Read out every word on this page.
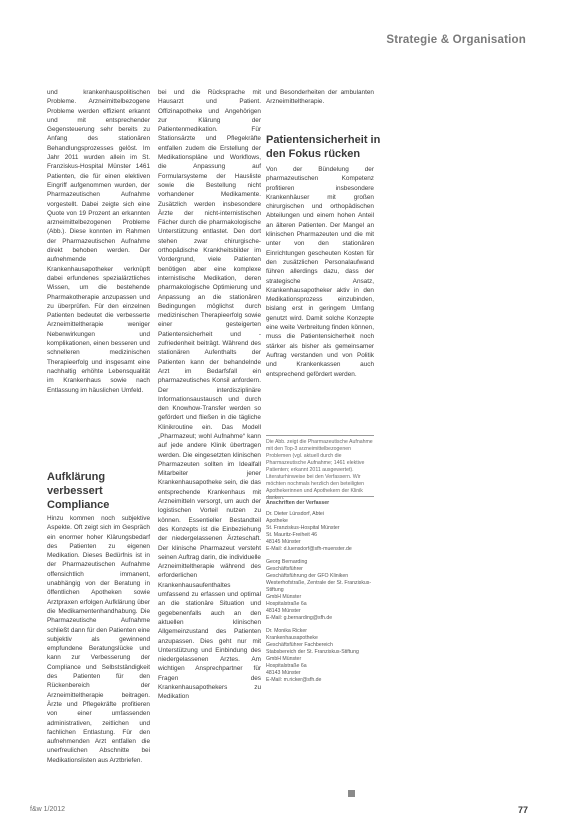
Strategie & Organisation

und krankenhauspolitischen Probleme. Arzneimittelbezogene Probleme werden effizient erkannt und mit entsprechender Gegensteuerung sehr bereits zu Anfang des stationären Behandlungsprozesses gelöst. Im Jahr 2011 wurden allein im St. Franziskus-Hospital Münster 1461 Patienten, die für einen elektiven Eingriff aufgenommen wurden, der Pharmazeutischen Aufnahme vorgestellt. Dabei zeigte sich eine Quote von 19 Prozent an erkannten arzneimittelbezogenen Probleme (Abb.). Diese konnten im Rahmen der Pharmazeutischen Aufnahme direkt behoben werden. Der aufnehmende Krankenhausapotheker verknüpft dabei erfundenes spezialärztliches Wissen, um die bestehende Pharmakotherapie anzupassen und zu überprüfen. Für den einzelnen Patienten bedeutet die verbesserte Arzneimitteltherapie weniger Nebenwirkungen und komplikationen, einen besseren und schnelleren medizinischen Therapieerfolg und insgesamt eine nachhaltig erhöhte Lebensqualität im Krankenhaus sowie nach Entlassung im häuslichen Umfeld.

Aufklärung verbessert Compliance

Hinzu kommen noch subjektive Aspekte. Oft zeigt sich im Gespräch ein enormer hoher Klärungsbedarf des Patienten zu eigenen Medikation. Dieses Bedürfnis ist in der Pharmazeutischen Aufnahme offensichtlich immanent, unabhängig von der Beratung in öffentlichen Apotheken sowie Arztpraxen erfolgen Aufklärung über die Medikamentenhandhabung. Die Pharmazeutische Aufnahme schließt dann für den Patienten eine subjektiv als gewinnend empfundene Beratungslücke und kann zur Verbesserung der Compliance und Selbstständigkeit des Patienten für den Rückenbereich der Arzneimitteltherapie beitragen. Ärzte und Pflegekräfte profitieren von einer umfassenden administrativen, zeitlichen und fachlichen Entlastung. Für den aufnehmenden Arzt entfallen die unerfreulichen Abschnitte bei Medikationslisten aus Arztbriefen.

bei und die Rücksprache mit Hausarzt und Patient. Offizinapotheke und Angehörigen zur Klärung der Patientenmedikation. Für Stationsärzte und Pflegekräfte entfallen zudem die Erstellung der Medikationspläne und Workflows, die Anpassung auf Formularsysteme der Hausliste sowie die Bestellung nicht vorhandener Medikamente. Zusätzlich werden insbesondere Ärzte der nicht-internistischen Fächer durch die pharmakologische Unterstützung entlastet. Den dort stehen zwar chirurgische-orthopädische Krankheitsbilder im Vordergrund, viele Patienten benötigen aber eine komplexe internistische Medikation, deren pharmakologische Optimierung und Anpassung an die stationären Bedingungen möglichst durch medizinischen Therapieerfolg sowie einer gesteigerten Patientensicherheit und -zufriedenheit beiträgt. Während des stationären Aufenthalts der Patienten kann der behandelnde Arzt im Bedarfsfall ein pharmazeutisches Konsil anfordern. Der interdisziplinäre Informationsaustausch und durch den Knowhow-Transfer werden so gefördert und fließen in die tägliche Klinikroutine ein. Das Modell „Pharmazeut; wohl Aufnahme“ kann auf jede andere Klinik übertragen werden. Die eingesetzten klinischen Pharmazeuten sollten im Idealfall Mitarbeiter jener Krankenhausapotheke sein, die das entsprechende Krankenhaus mit Arzneimitteln versorgt, um auch der logistischen Vorteil nutzen zu können. Essentieller Bestandteil des Konzepts ist die Einbeziehung der niedergelassenen Ärzteschaft. Der klinische Pharmazeut versteht seinen Auftrag darin, die individuelle Arzneimitteltherapie während des erforderlichen Krankenhausaufenthaltes umfassend zu erfassen und optimal an die stationäre Situation und gegebenenfalls auch an den aktuellen klinischen Allgemeinzustand des Patienten anzupassen. Dies geht nur mit Unterstützung und Einbindung des niedergelassenen Arztes. Am wichtigen Ansprechpartner für Fragen des Krankenhausapothekers zu Medikation

und Besonderheiten der ambulanten Arzneimitteltherapie.

Patientensicherheit in den Fokus rücken

Von der Bündelung der pharmazeutischen Kompetenz profitieren insbesondere Krankenhäuser mit großen chirurgischen und orthopädischen Abteilungen und einem hohen Anteil an älteren Patienten. Der Mangel an klinischen Pharmazeuten und die mit unter von den stationären Einrichtungen gescheuten Kosten für den zusätzlichen Personalaufwand führen allerdings dazu, dass der strategische Ansatz, Krankenhausapotheker aktiv in den Medikationsprozess einzubinden, bislang erst in geringem Umfang genutzt wird. Damit solche Konzepte eine weite Verbreitung finden können, muss die Patientensicherheit noch stärker als bisher als gemeinsamer Auftrag verstanden und von Politik und Krankenkassen auch entsprechend gefördert werden.

Die Abb. zeigt die Pharmazeutische Aufnahme mit den Top-3 arzneimittelbezogenen Problemen (vgl. aktuell durch die Pharmazeutische Aufnahme; 1461 elektive Patienten; erkannt 2011 ausgewertet). Literaturhinweise bei den Verfassern. Wir möchten nochmals herzlich den beteiligten Apothekerinnen und Apothekern der Klinik danken.
Anschriften der Verfasser
Dr. Dieter Lünsdorf, Abtei
Apotheke
St. Franziskus-Hospital Münster
St. Mauritz-Freiheit 46
48145 Münster
E-Mail: d.luensdorf@sfh-muenster.de
Georg Bernarding
Geschäftsführer
Geschäftsführung der GFO Kliniken
Westerhofstraße, Zentrale der St. Franziskus-Stiftung
GmbH Münster
Hospitalstraße 6a
48143 Münster
E-Mail: g.bernarding@sfh.de
Dr. Monika Ricker
Krankenhausapotheke
Geschäftsführer Fachbereich
Stabsbereich der St. Franziskus-Stiftung
GmbH Münster
Hospitalstraße 6a
48143 Münster
E-Mail: m.ricker@sfh.de
f&w 1/2012	77
